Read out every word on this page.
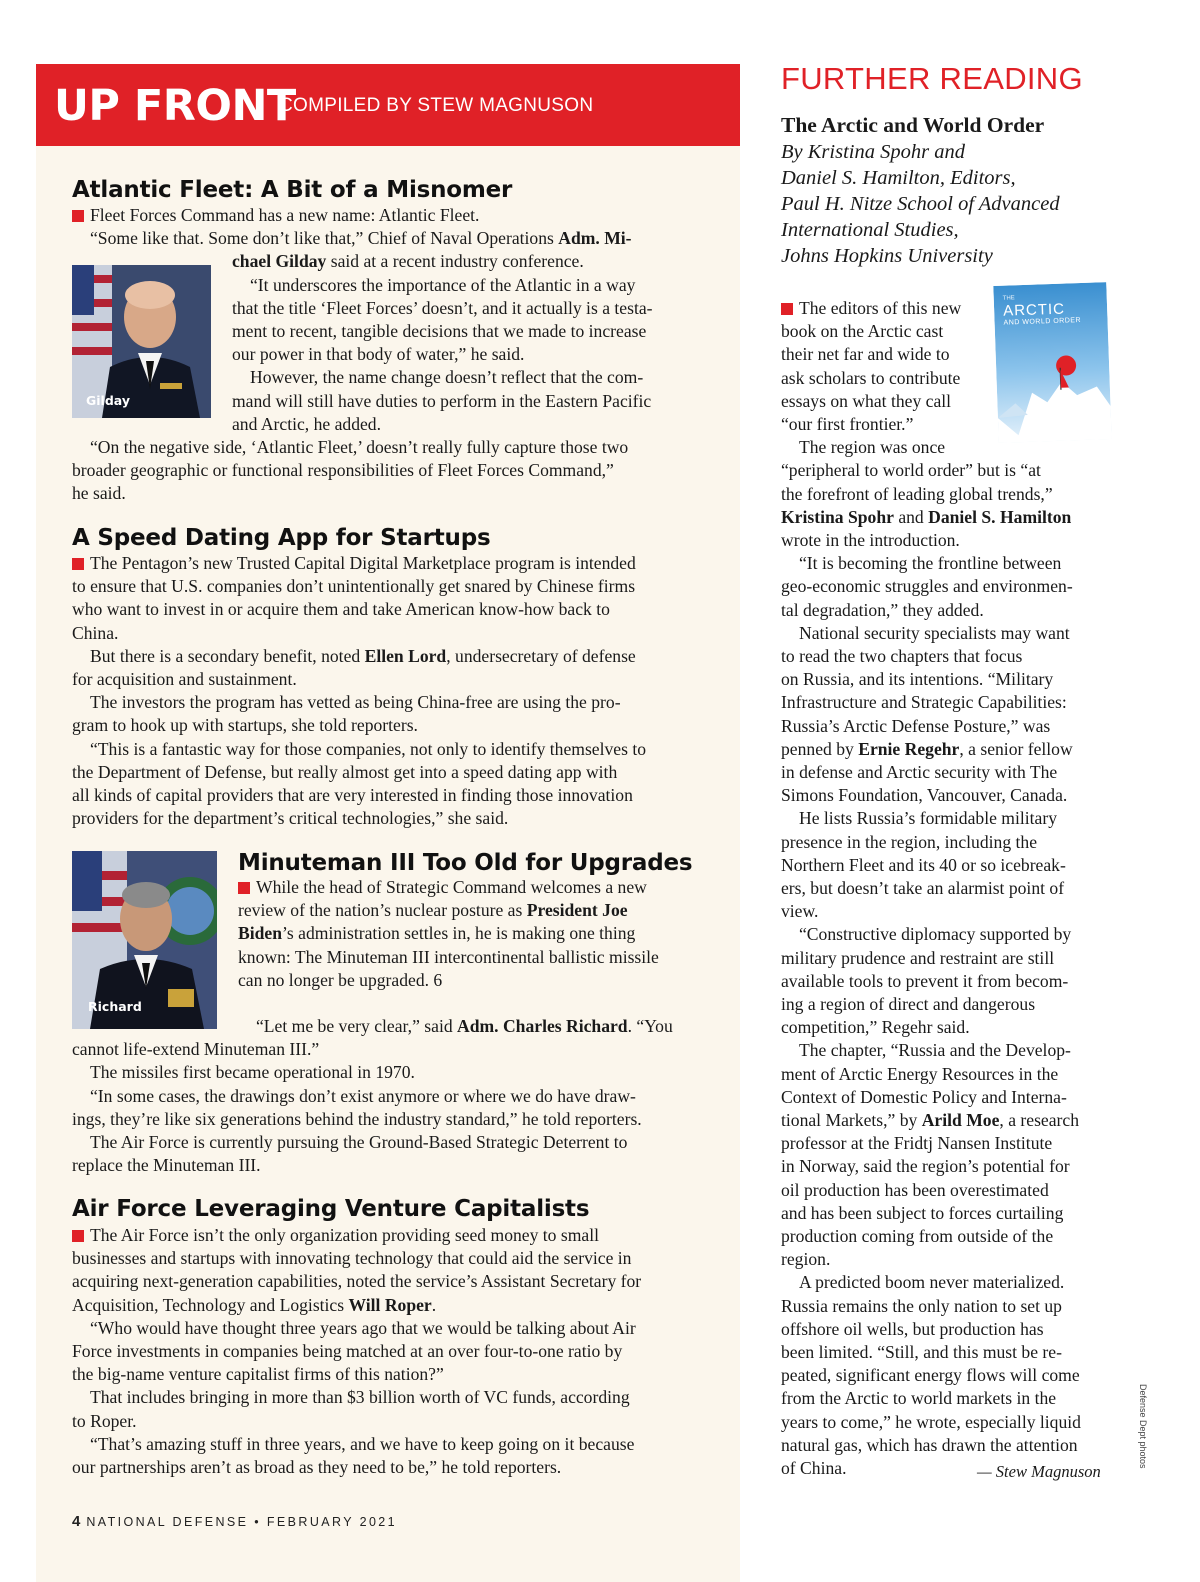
UP FRONT
COMPILED BY STEW MAGNUSON
Atlantic Fleet: A Bit of a Misnomer
Fleet Forces Command has a new name: Atlantic Fleet.
“Some like that. Some don’t like that,” Chief of Naval Operations Adm. Mi-
chael Gilday said at a recent industry conference.
“It underscores the importance of the Atlantic in a way
that the title ‘Fleet Forces’ doesn’t, and it actually is a testa-
ment to recent, tangible decisions that we made to increase
our power in that body of water,” he said.
However, the name change doesn’t reflect that the com-
mand will still have duties to perform in the Eastern Pacific
and Arctic, he added.
“On the negative side, ‘Atlantic Fleet,’ doesn’t really fully capture those two
broader geographic or functional responsibilities of Fleet Forces Command,”
he said.
Gilday
A Speed Dating App for Startups
The Pentagon’s new Trusted Capital Digital Marketplace program is intended
to ensure that U.S. companies don’t unintentionally get snared by Chinese firms
who want to invest in or acquire them and take American know-how back to
China.
But there is a secondary benefit, noted Ellen Lord, undersecretary of defense
for acquisition and sustainment.
The investors the program has vetted as being China-free are using the pro-
gram to hook up with startups, she told reporters.
“This is a fantastic way for those companies, not only to identify themselves to
the Department of Defense, but really almost get into a speed dating app with
all kinds of capital providers that are very interested in finding those innovation
providers for the department’s critical technologies,” she said.
Richard
Minuteman III Too Old for Upgrades
While the head of Strategic Command welcomes a new
review of the nation’s nuclear posture as President Joe
Biden’s administration settles in, he is making one thing
known: The Minuteman III intercontinental ballistic missile
can no longer be upgraded. 6
“Let me be very clear,” said Adm. Charles Richard. “You
cannot life-extend Minuteman III.”
The missiles first became operational in 1970.
“In some cases, the drawings don’t exist anymore or where we do have draw-
ings, they’re like six generations behind the industry standard,” he told reporters.
The Air Force is currently pursuing the Ground-Based Strategic Deterrent to
replace the Minuteman III.
Air Force Leveraging Venture Capitalists
The Air Force isn’t the only organization providing seed money to small
businesses and startups with innovating technology that could aid the service in
acquiring next-generation capabilities, noted the service’s Assistant Secretary for
Acquisition, Technology and Logistics Will Roper.
“Who would have thought three years ago that we would be talking about Air
Force investments in companies being matched at an over four-to-one ratio by
the big-name venture capitalist firms of this nation?”
That includes bringing in more than $3 billion worth of VC funds, according
to Roper.
“That’s amazing stuff in three years, and we have to keep going on it because
our partnerships aren’t as broad as they need to be,” he told reporters.
FURTHER READING
The Arctic and World Order
By Kristina Spohr and
Daniel S. Hamilton, Editors,
Paul H. Nitze School of Advanced
International Studies,
Johns Hopkins University
THE
ARCTIC
AND WORLD ORDER
The editors of this new
book on the Arctic cast
their net far and wide to
ask scholars to contribute
essays on what they call
“our first frontier.”
The region was once
“peripheral to world order” but is “at
the forefront of leading global trends,”
Kristina Spohr and Daniel S. Hamilton
wrote in the introduction.
“It is becoming the frontline between
geo-economic struggles and environmen-
tal degradation,” they added.
National security specialists may want
to read the two chapters that focus
on Russia, and its intentions. “Military
Infrastructure and Strategic Capabilities:
Russia’s Arctic Defense Posture,” was
penned by Ernie Regehr, a senior fellow
in defense and Arctic security with The
Simons Foundation, Vancouver, Canada.
He lists Russia’s formidable military
presence in the region, including the
Northern Fleet and its 40 or so icebreak-
ers, but doesn’t take an alarmist point of
view.
“Constructive diplomacy supported by
military prudence and restraint are still
available tools to prevent it from becom-
ing a region of direct and dangerous
competition,” Regehr said.
The chapter, “Russia and the Develop-
ment of Arctic Energy Resources in the
Context of Domestic Policy and Interna-
tional Markets,” by Arild Moe, a research
professor at the Fridtj Nansen Institute
in Norway, said the region’s potential for
oil production has been overestimated
and has been subject to forces curtailing
production coming from outside of the
region.
A predicted boom never materialized.
Russia remains the only nation to set up
offshore oil wells, but production has
been limited. “Still, and this must be re-
peated, significant energy flows will come
from the Arctic to world markets in the
years to come,” he wrote, especially liquid
natural gas, which has drawn the attention
of China.	— Stew Magnuson
4 NATIONAL DEFENSE • FEBRUARY 2021
Defense Dept photos
